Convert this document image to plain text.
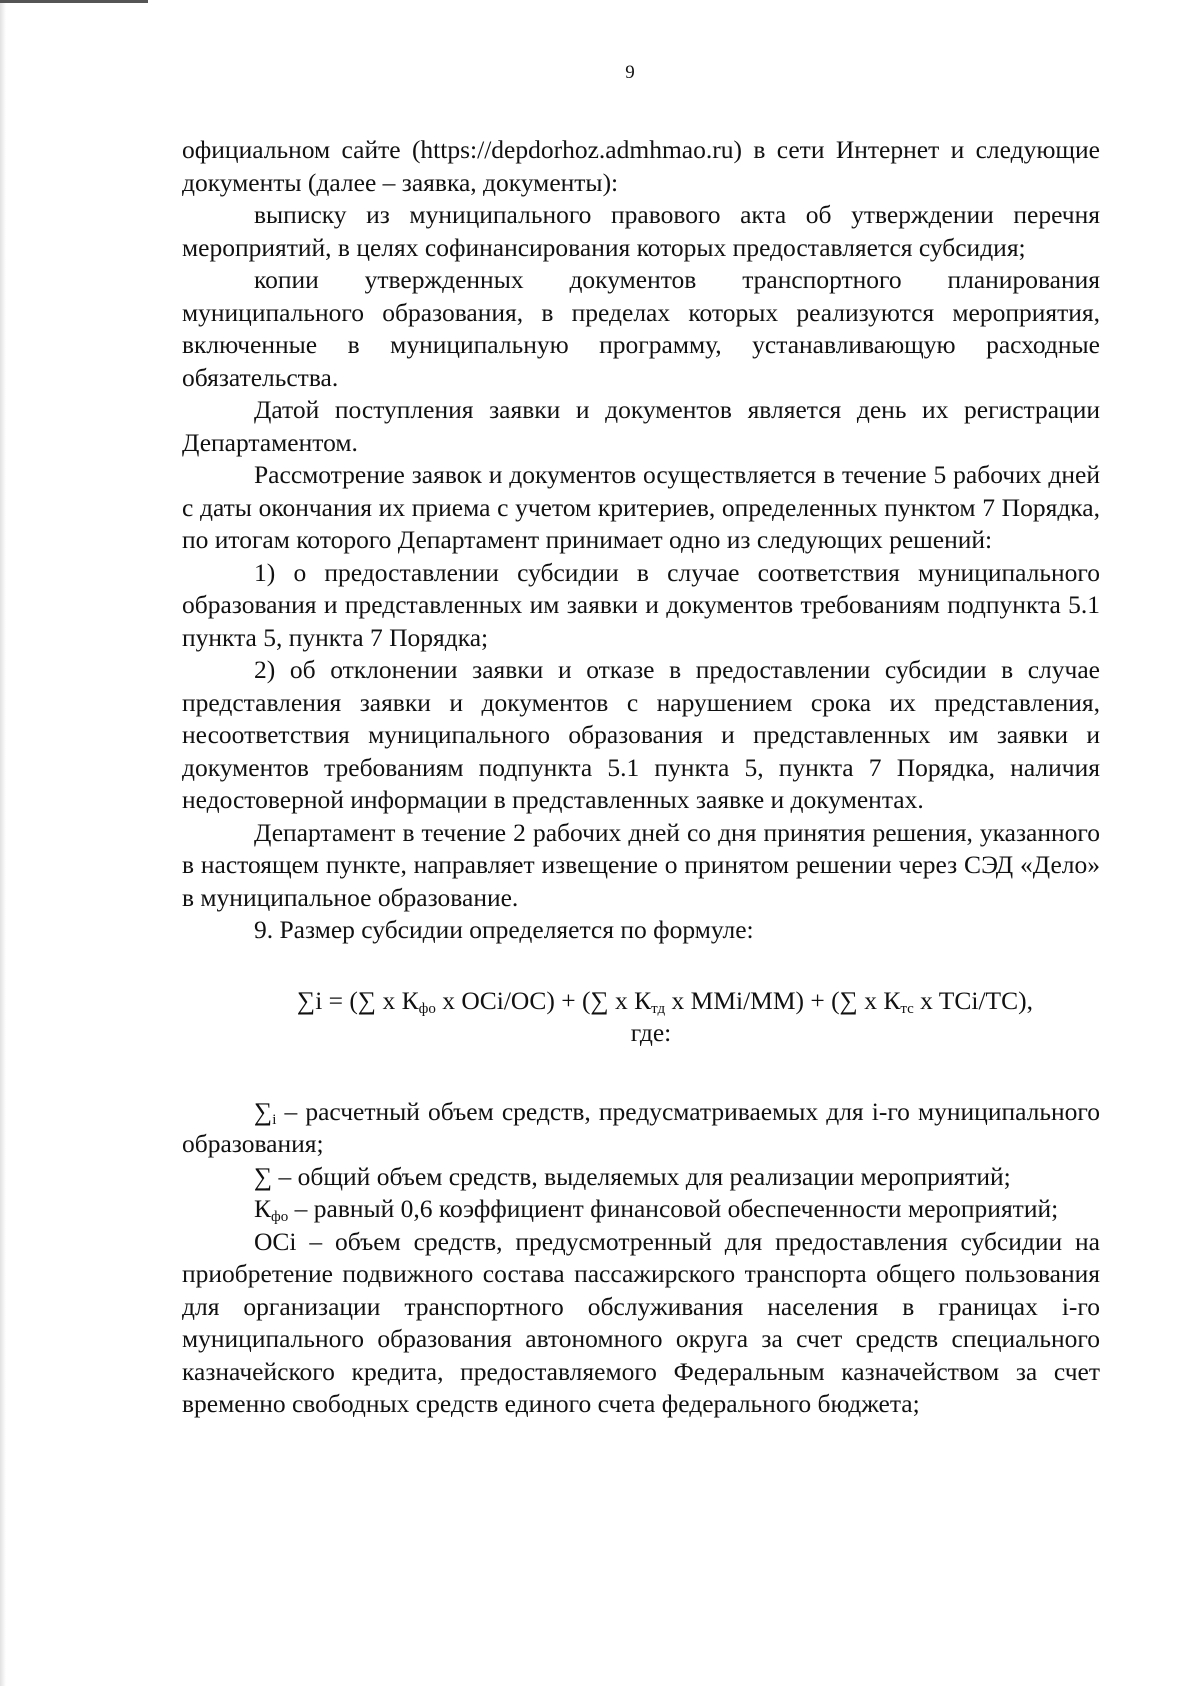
9

официальном сайте (https://depdorhoz.admhmao.ru) в сети Интернет и следующие документы (далее – заявка, документы):

выписку из муниципального правового акта об утверждении перечня мероприятий, в целях софинансирования которых предоставляется субсидия;

копии утвержденных документов транспортного планирования муниципального образования, в пределах которых реализуются мероприятия, включенные в муниципальную программу, устанавливающую расходные обязательства.

Датой поступления заявки и документов является день их регистрации Департаментом.

Рассмотрение заявок и документов осуществляется в течение 5 рабочих дней с даты окончания их приема с учетом критериев, определенных пунктом 7 Порядка, по итогам которого Департамент принимает одно из следующих решений:

1) о предоставлении субсидии в случае соответствия муниципального образования и представленных им заявки и документов требованиям подпункта 5.1 пункта 5, пункта 7 Порядка;

2) об отклонении заявки и отказе в предоставлении субсидии в случае представления заявки и документов с нарушением срока их представления, несоответствия муниципального образования и представленных им заявки и документов требованиям подпункта 5.1 пункта 5, пункта 7 Порядка, наличия недостоверной информации в представленных заявке и документах.

Департамент в течение 2 рабочих дней со дня принятия решения, указанного в настоящем пункте, направляет извещение о принятом решении через СЭД «Дело» в муниципальное образование.

9. Размер субсидии определяется по формуле:

∑i = (∑ x $К_{фо}$ x OCi/OC) + (∑ x $К_{тд}$ x MMi/MM) + (∑ x $К_{тс}$ x TCi/TC),
где:

$\sum_i$ – расчетный объем средств, предусматриваемых для i-го муниципального образования;

∑ – общий объем средств, выделяемых для реализации мероприятий;

$К_{фо}$ – равный 0,6 коэффициент финансовой обеспеченности мероприятий;

OCi – объем средств, предусмотренный для предоставления субсидии на приобретение подвижного состава пассажирского транспорта общего пользования для организации транспортного обслуживания населения в границах i-го муниципального образования автономного округа за счет средств специального казначейского кредита, предоставляемого Федеральным казначейством за счет временно свободных средств единого счета федерального бюджета;
